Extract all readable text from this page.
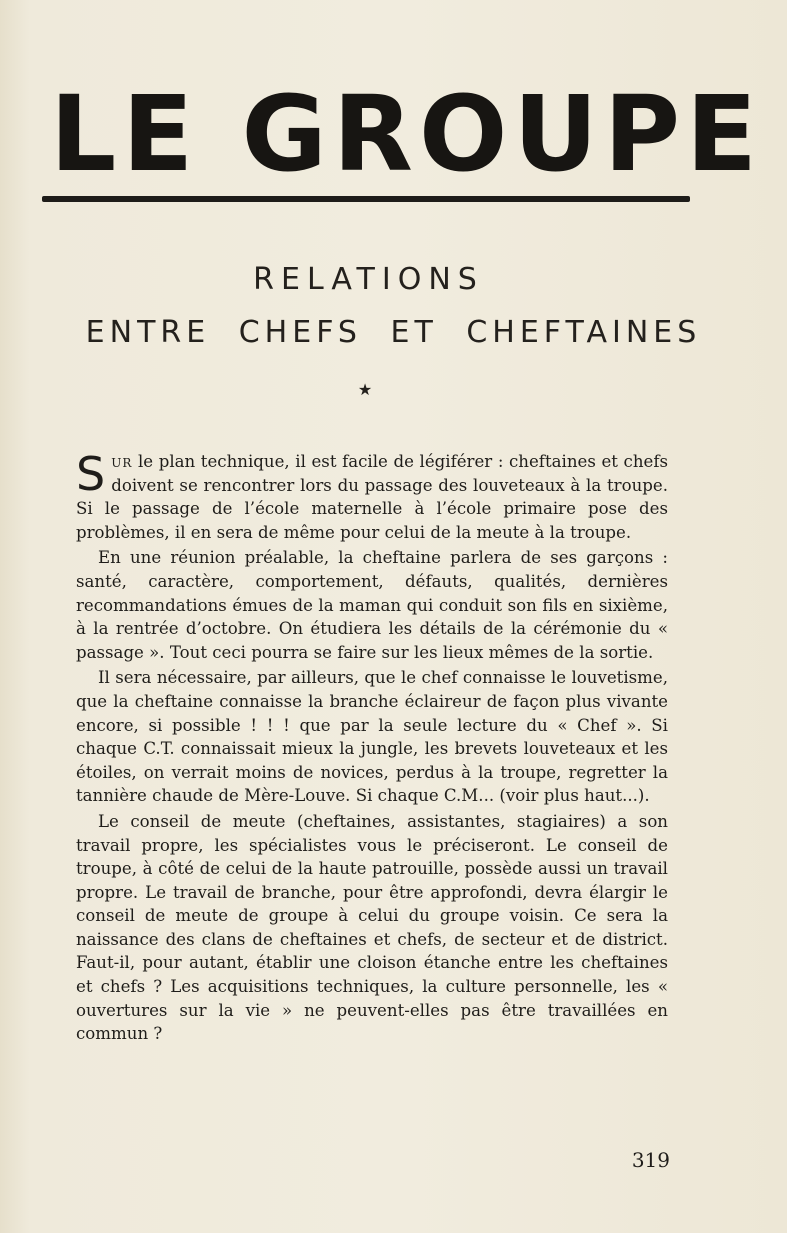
LE GROUPE
RELATIONS
ENTRE CHEFS ET CHEFTAINES
★

Sur le plan technique, il est facile de légiférer : cheftaines et chefs doivent se rencontrer lors du passage des louveteaux à la troupe. Si le passage de l’école maternelle à l’école primaire pose des problèmes, il en sera de même pour celui de la meute à la troupe.

En une réunion préalable, la cheftaine parlera de ses garçons : santé, caractère, comportement, défauts, qualités, dernières recommandations émues de la maman qui conduit son fils en sixième, à la rentrée d’octobre. On étudiera les détails de la cérémonie du « passage ». Tout ceci pourra se faire sur les lieux mêmes de la sortie.

Il sera nécessaire, par ailleurs, que le chef connaisse le louvetisme, que la cheftaine connaisse la branche éclaireur de façon plus vivante encore, si possible ! ! ! que par la seule lecture du « Chef ». Si chaque C.T. connaissait mieux la jungle, les brevets louveteaux et les étoiles, on verrait moins de novices, perdus à la troupe, regretter la tannière chaude de Mère-Louve. Si chaque C.M... (voir plus haut...).

Le conseil de meute (cheftaines, assistantes, stagiaires) a son travail propre, les spécialistes vous le préciseront. Le conseil de troupe, à côté de celui de la haute patrouille, possède aussi un travail propre. Le travail de branche, pour être approfondi, devra élargir le conseil de meute de groupe à celui du groupe voisin. Ce sera la naissance des clans de cheftaines et chefs, de secteur et de district. Faut-il, pour autant, établir une cloison étanche entre les cheftaines et chefs ? Les acquisitions techniques, la culture personnelle, les « ouvertures sur la vie » ne peuvent-elles pas être travaillées en commun ?

319
